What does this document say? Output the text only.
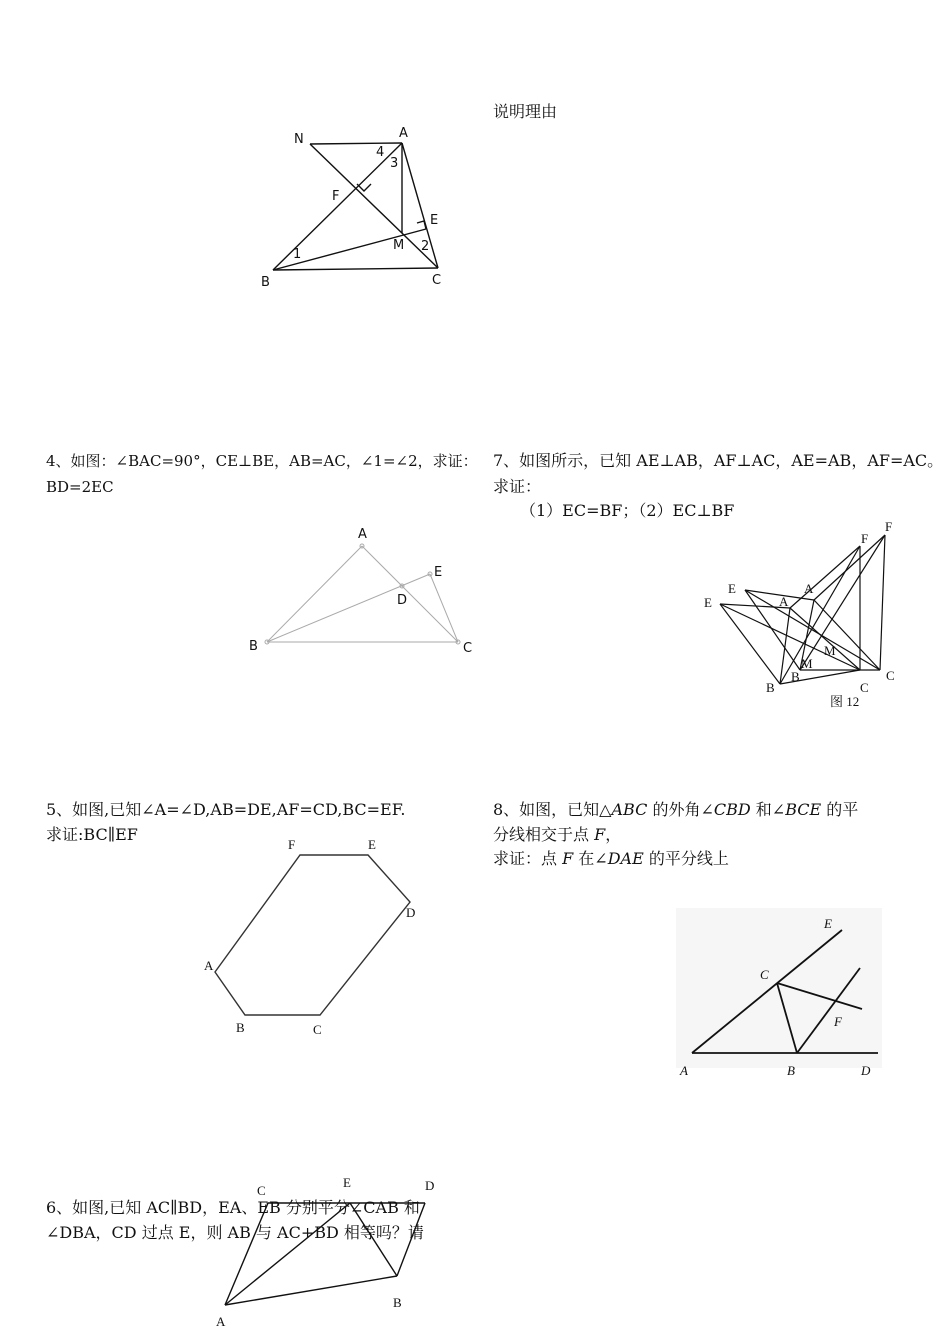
说明理由
A
N
4
3
F
E
M 2
1
B	C
4、如图：∠BAC=90°，CE⊥BE，AB=AC，∠1=∠2，求证：
BD=2EC
A
E
D
B	C
7、如图所示，已知 AE⊥AB，AF⊥AC，AE=AB，AF=AC。
求证：
（1）EC=BF；（2）EC⊥BF
E
E
A
A
F
F
M
M
B
B
C
C
图 12
5、如图,已知∠A=∠D,AB=DE,AF=CD,BC=EF.
求证:BC∥EF
F	E
D
A
B	C
8、如图，已知△ABC 的外角∠CBD 和∠BCE 的平
分线相交于点 F，
求证：点 F 在∠DAE 的平分线上
A	B
C
D
E
F
C
E	D
A
B
6、如图,已知 AC∥BD，EA、EB 分别平分∠CAB 和
∠DBA，CD 过点 E，则 AB 与 AC+BD 相等吗？请
